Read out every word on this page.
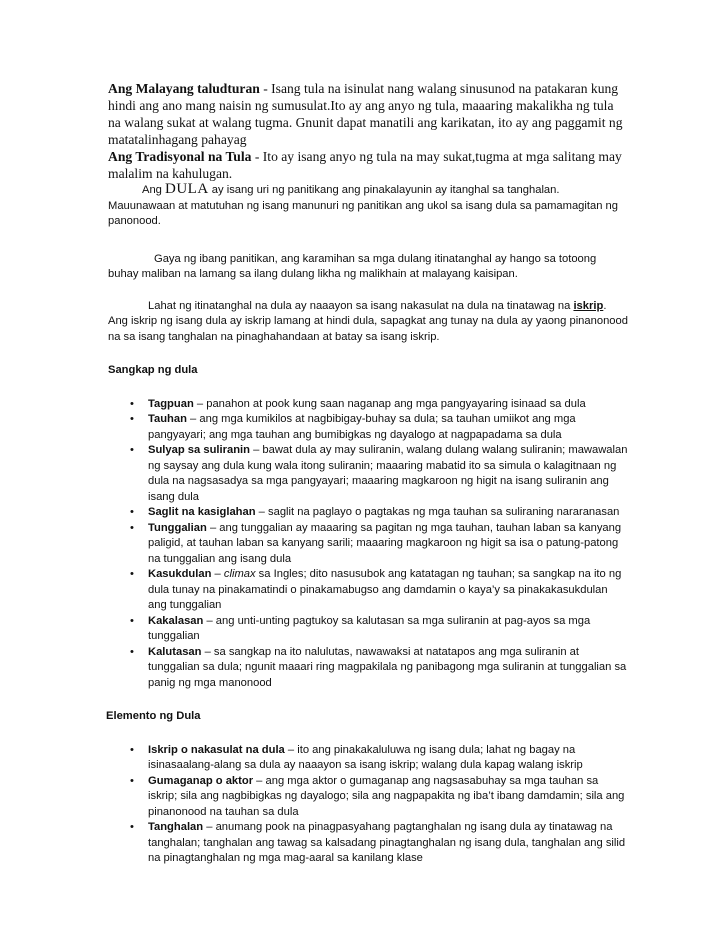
Ang Malayang taludturan - Isang tula na isinulat nang walang sinusunod na patakaran kung hindi ang ano mang naisin ng sumusulat.Ito ay ang anyo ng tula, maaaring makalikha ng tula na walang sukat at walang tugma. Gnunit dapat manatili ang karikatan, ito ay ang paggamit ng matatalinhagang pahayag

Ang Tradisyonal na Tula - Ito ay isang anyo ng tula na may sukat,tugma at mga salitang may malalim na kahulugan.

Ang DULA ay isang uri ng panitikang ang pinakalayunin ay itanghal sa tanghalan. Mauunawaan at matutuhan ng isang manunuri ng panitikan ang ukol sa isang dula sa pamamagitan ng panonood.

Gaya ng ibang panitikan, ang karamihan sa mga dulang itinatanghal ay hango sa totoong buhay maliban na lamang sa ilang dulang likha ng malikhain at malayang kaisipan.

Lahat ng itinatanghal na dula ay naaayon sa isang nakasulat na dula na tinatawag na iskrip. Ang iskrip ng isang dula ay iskrip lamang at hindi dula, sapagkat ang tunay na dula ay yaong pinanonood na sa isang tanghalan na pinaghahandaan at batay sa isang iskrip.

Sangkap ng dula

• Tagpuan – panahon at pook kung saan naganap ang mga pangyayaring isinaad sa dula
• Tauhan – ang mga kumikilos at nagbibigay-buhay sa dula; sa tauhan umiikot ang mga pangyayari; ang mga tauhan ang bumibigkas ng dayalogo at nagpapadama sa dula
• Sulyap sa suliranin – bawat dula ay may suliranin, walang dulang walang suliranin; mawawalan ng saysay ang dula kung wala itong suliranin; maaaring mabatid ito sa simula o kalagitnaan ng dula na nagsasadya sa mga pangyayari; maaaring magkaroon ng higit na isang suliranin ang isang dula
• Saglit na kasiglahan – saglit na paglayo o pagtakas ng mga tauhan sa suliraning nararanasan
• Tunggalian – ang tunggalian ay maaaring sa pagitan ng mga tauhan, tauhan laban sa kanyang paligid, at tauhan laban sa kanyang sarili; maaaring magkaroon ng higit sa isa o patung-patong na tunggalian ang isang dula
• Kasukdulan – climax sa Ingles; dito nasusubok ang katatagan ng tauhan; sa sangkap na ito ng dula tunay na pinakamatindi o pinakamabugso ang damdamin o kaya’y sa pinakakasukdulan ang tunggalian
• Kakalasan – ang unti-unting pagtukoy sa kalutasan sa mga suliranin at pag-ayos sa mga tunggalian
• Kalutasan – sa sangkap na ito nalulutas, nawawaksi at natatapos ang mga suliranin at tunggalian sa dula; ngunit maaari ring magpakilala ng panibagong mga suliranin at tunggalian sa panig ng mga manonood

Elemento ng Dula

• Iskrip o nakasulat na dula – ito ang pinakakaluluwa ng isang dula; lahat ng bagay na isinasaalang-alang sa dula ay naaayon sa isang iskrip; walang dula kapag walang iskrip
• Gumaganap o aktor – ang mga aktor o gumaganap ang nagsasabuhay sa mga tauhan sa iskrip; sila ang nagbibigkas ng dayalogo; sila ang nagpapakita ng iba’t ibang damdamin; sila ang pinanonood na tauhan sa dula
• Tanghalan – anumang pook na pinagpasyahang pagtanghalan ng isang dula ay tinatawag na tanghalan; tanghalan ang tawag sa kalsadang pinagtanghalan ng isang dula, tanghalan ang silid na pinagtanghalan ng mga mag-aaral sa kanilang klase
